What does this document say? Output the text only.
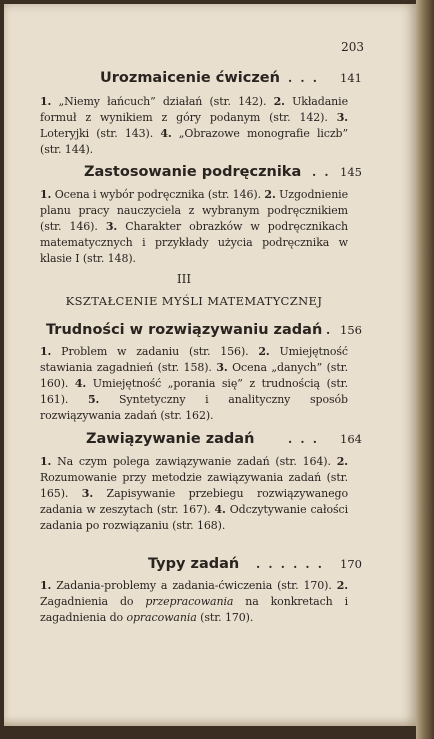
203
Urozmaicenie ćwiczeń . . . 141
1. „Niemy łańcuch” działań (str. 142). 2. Układanie formuł z wynikiem z góry podanym (str. 142). 3. Loteryjki (str. 143). 4. „Obrazowe monografie liczb” (str. 144).
Zastosowanie podręcznika . . 145
1. Ocena i wybór podręcznika (str. 146). 2. Uzgodnienie planu pracy nauczyciela z wybranym podręcznikiem (str. 146). 3. Charakter obrazków w podręcznikach matematycznych i przykłady użycia podręcznika w klasie I (str. 148).
III
KSZTAŁCENIE MYŚLI MATEMATYCZNEJ
Trudności w rozwiązywaniu zadań . 156
1. Problem w zadaniu (str. 156). 2. Umiejętność stawiania zagadnień (str. 158). 3. Ocena „danych” (str. 160). 4. Umiejętność „porania się” z trudnością (str. 161). 5. Syntetyczny i analityczny sposób rozwiązywania zadań (str. 162).
Zawiązywanie zadań	. . . 164
1. Na czym polega zawiązywanie zadań (str. 164). 2. Rozumowanie przy metodzie zawiązywania zadań (str. 165). 3. Zapisywanie przebiegu rozwiązywanego zadania w zeszytach (str. 167). 4. Odczytywanie całości zadania po rozwiązaniu (str. 168).
Typy zadań . . . . . . 170
1. Zadania-problemy a zadania-ćwiczenia (str. 170). 2. Zagadnienia do przepracowania na konkretach i zagadnienia do opracowania (str. 170).
